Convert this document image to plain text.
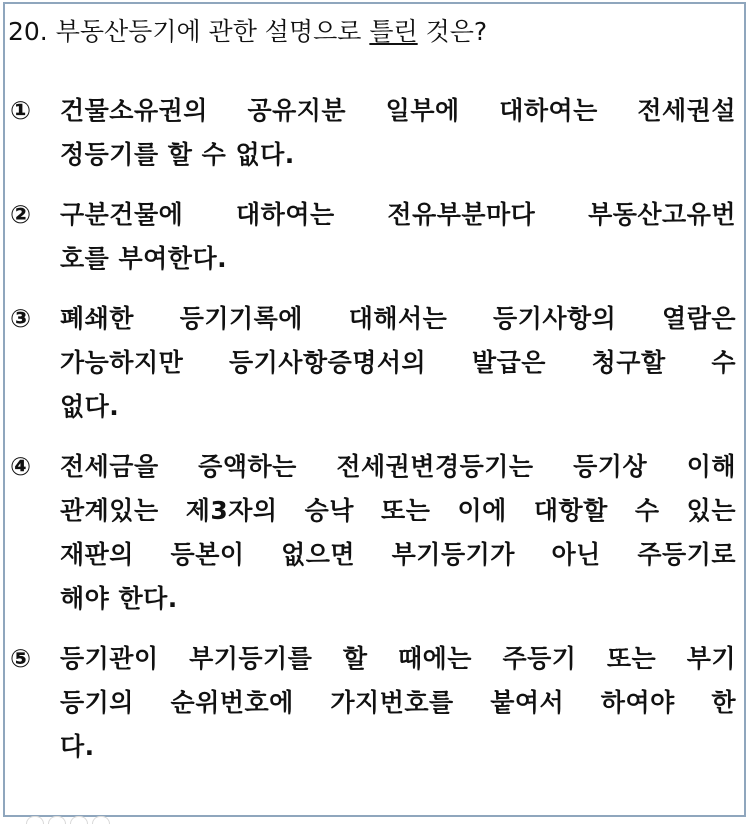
20. 부동산등기에 관한 설명으로 틀린 것은?
①	건물소유권의 공유지분 일부에 대하여는 전세권설
정등기를 할 수 없다.
②	구분건물에 대하여는 전유부분마다 부동산고유번
호를 부여한다.
③	폐쇄한 등기기록에 대해서는 등기사항의 열람은
가능하지만 등기사항증명서의 발급은 청구할 수
없다.
④	전세금을 증액하는 전세권변경등기는 등기상 이해
관계있는 제3자의 승낙 또는 이에 대항할 수 있는
재판의 등본이 없으면 부기등기가 아닌 주등기로
해야 한다.
⑤	등기관이 부기등기를 할 때에는 주등기 또는 부기
등기의 순위번호에 가지번호를 붙여서 하여야 한
다.
